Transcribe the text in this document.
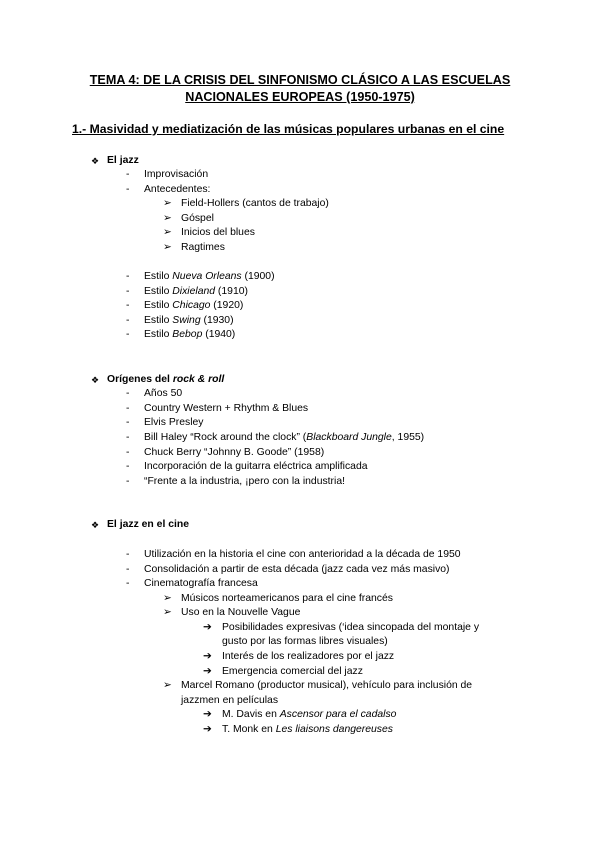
TEMA 4: DE LA CRISIS DEL SINFONISMO CLÁSICO A LAS ESCUELAS
NACIONALES EUROPEAS (1950-1975)
1.- Masividad y mediatización de las músicas populares urbanas en el cine
❖ El jazz
- Improvisación
- Antecedentes:
➢ Field-Hollers (cantos de trabajo)
➢ Góspel
➢ Inicios del blues
➢ Ragtimes
- Estilo Nueva Orleans (1900)
- Estilo Dixieland (1910)
- Estilo Chicago (1920)
- Estilo Swing (1930)
- Estilo Bebop (1940)
❖ Orígenes del rock & roll
- Años 50
- Country Western + Rhythm & Blues
- Elvis Presley
- Bill Haley “Rock around the clock” (Blackboard Jungle, 1955)
- Chuck Berry “Johnny B. Goode” (1958)
- Incorporación de la guitarra eléctrica amplificada
- “Frente a la industria, ¡pero con la industria!
❖ El jazz en el cine
- Utilización en la historia el cine con anterioridad a la década de 1950
- Consolidación a partir de esta década (jazz cada vez más masivo)
- Cinematografía francesa
➢ Músicos norteamericanos para el cine francés
➢ Uso en la Nouvelle Vague
➔ Posibilidades expresivas (‘idea sincopada del montaje y
gusto por las formas libres visuales)
➔ Interés de los realizadores por el jazz
➔ Emergencia comercial del jazz
➢ Marcel Romano (productor musical), vehículo para inclusión de
jazzmen en películas
➔ M. Davis en Ascensor para el cadalso
➔ T. Monk en Les liaisons dangereuses
